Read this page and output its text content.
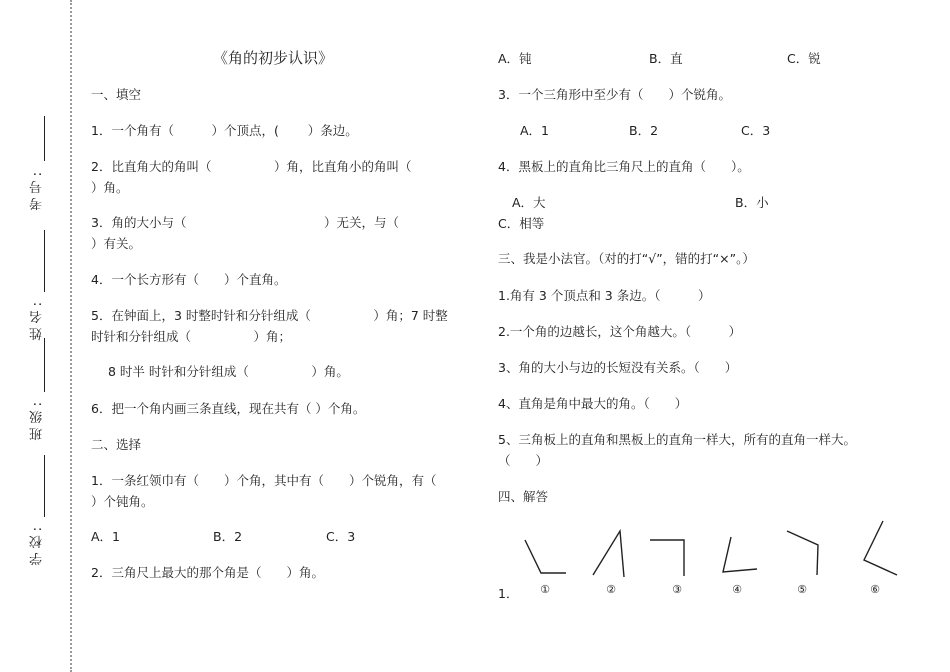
考号:
姓名:
班级:
学校:
《角的初步认识》
一、填空
1．一个角有（　　　）个顶点，(　　 ）条边。
2．比直角大的角叫（　　　　　）角，比直角小的角叫（
）角。
3．角的大小与（　　　　　　　　　　　）无关，与（
）有关。
4．一个长方形有（　　）个直角。
5．在钟面上，3 时整时针和分针组成（　　　　　）角；7 时整
时针和分针组成（　　　　　）角；
8 时半 时针和分针组成（　　　　　）角。
6．把一个角内画三条直线，现在共有（ ）个角。
二、选择
1．一条红领巾有（　　）个角，其中有（　　）个锐角，有（
）个钝角。
A．1	B．2	C．3
2．三角尺上最大的那个角是（　　）角。
A．钝	B．直	C．锐
3．一个三角形中至少有（　　）个锐角。
A．1	B．2	C．3
4．黑板上的直角比三角尺上的直角（　　）。
A．大	B．小
C．相等
三、我是小法官。（对的打“√”，错的打“×”。）
1.角有 3 个顶点和 3 条边。（　　　）
2.一个角的边越长，这个角越大。（　　　）
3、角的大小与边的长短没有关系。（　　）
4、直角是角中最大的角。（　　）
5、三角板上的直角和黑板上的直角一样大，所有的直角一样大。
（　　）
四、解答
1．	①	②	③	④	⑤	⑥
